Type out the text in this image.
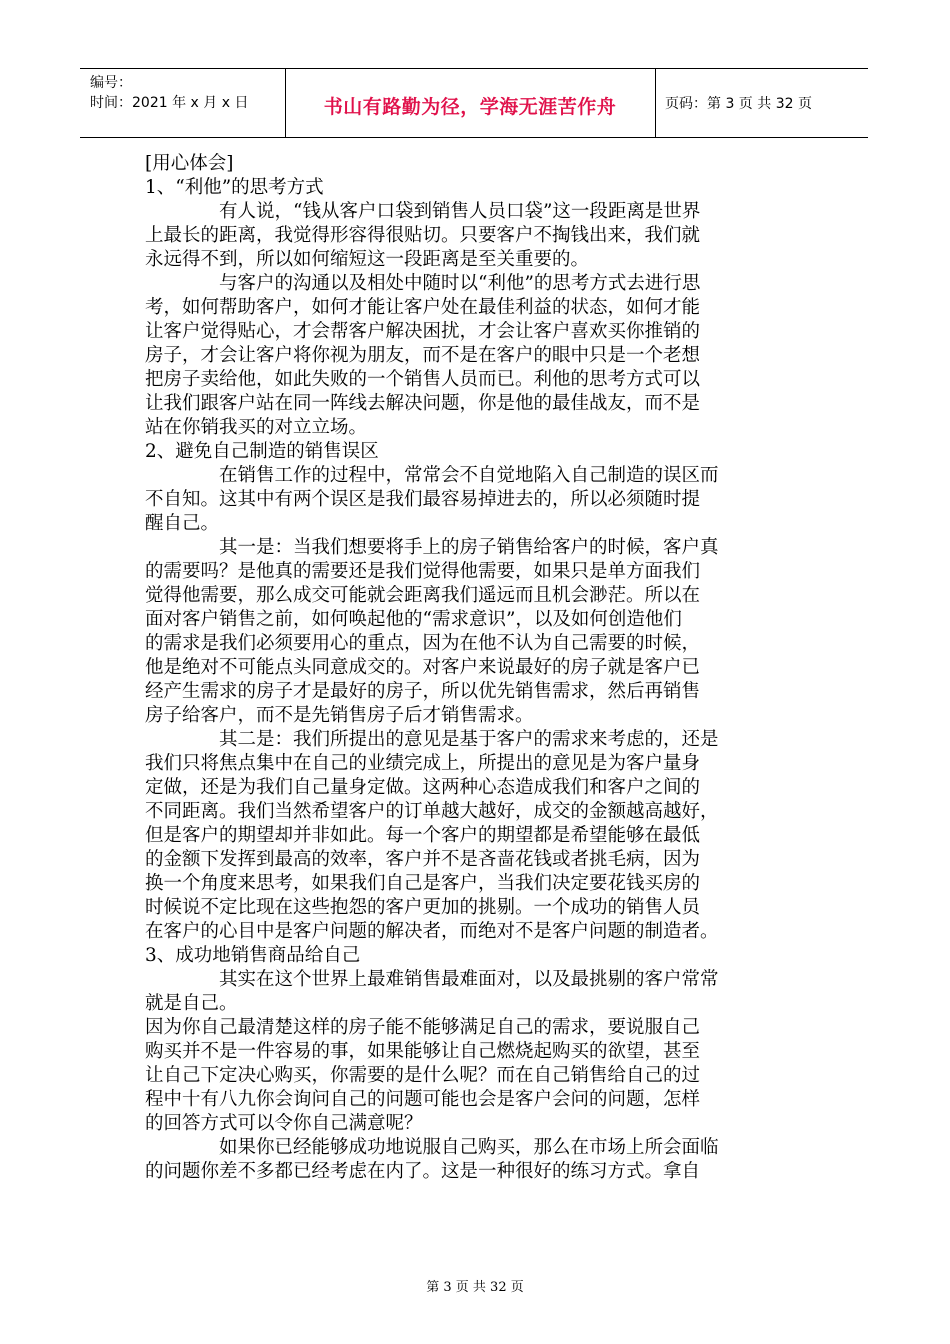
编号：
时间：2021 年 x 月 x 日	书山有路勤为径，学海无涯苦作舟	页码：第 3 页 共 32 页

[用心体会]

1、“利他”的思考方式

有人说，“钱从客户口袋到销售人员口袋”这一段距离是世界

上最长的距离，我觉得形容得很贴切。只要客户不掏钱出来，我们就

永远得不到，所以如何缩短这一段距离是至关重要的。

与客户的沟通以及相处中随时以“利他”的思考方式去进行思

考，如何帮助客户，如何才能让客户处在最佳利益的状态，如何才能

让客户觉得贴心，才会帮客户解决困扰，才会让客户喜欢买你推销的

房子，才会让客户将你视为朋友，而不是在客户的眼中只是一个老想

把房子卖给他，如此失败的一个销售人员而已。利他的思考方式可以

让我们跟客户站在同一阵线去解决问题，你是他的最佳战友，而不是

站在你销我买的对立立场。

2、避免自己制造的销售误区

在销售工作的过程中，常常会不自觉地陷入自己制造的误区而

不自知。这其中有两个误区是我们最容易掉进去的，所以必须随时提

醒自己。

其一是：当我们想要将手上的房子销售给客户的时候，客户真

的需要吗？是他真的需要还是我们觉得他需要，如果只是单方面我们

觉得他需要，那么成交可能就会距离我们遥远而且机会渺茫。所以在

面对客户销售之前，如何唤起他的“需求意识”，以及如何创造他们

的需求是我们必须要用心的重点，因为在他不认为自己需要的时候，

他是绝对不可能点头同意成交的。对客户来说最好的房子就是客户已

经产生需求的房子才是最好的房子，所以优先销售需求，然后再销售

房子给客户，而不是先销售房子后才销售需求。

其二是：我们所提出的意见是基于客户的需求来考虑的，还是

我们只将焦点集中在自己的业绩完成上，所提出的意见是为客户量身

定做，还是为我们自己量身定做。这两种心态造成我们和客户之间的

不同距离。我们当然希望客户的订单越大越好，成交的金额越高越好，

但是客户的期望却并非如此。每一个客户的期望都是希望能够在最低

的金额下发挥到最高的效率，客户并不是吝啬花钱或者挑毛病，因为

换一个角度来思考，如果我们自己是客户，当我们决定要花钱买房的

时候说不定比现在这些抱怨的客户更加的挑剔。一个成功的销售人员

在客户的心目中是客户问题的解决者，而绝对不是客户问题的制造者。

3、成功地销售商品给自己

其实在这个世界上最难销售最难面对，以及最挑剔的客户常常

就是自己。

因为你自己最清楚这样的房子能不能够满足自己的需求，要说服自己

购买并不是一件容易的事，如果能够让自己燃烧起购买的欲望，甚至

让自己下定决心购买，你需要的是什么呢？而在自己销售给自己的过

程中十有八九你会询问自己的问题可能也会是客户会问的问题，怎样

的回答方式可以令你自己满意呢？

如果你已经能够成功地说服自己购买，那么在市场上所会面临

的问题你差不多都已经考虑在内了。这是一种很好的练习方式。拿自

第 3 页 共 32 页
